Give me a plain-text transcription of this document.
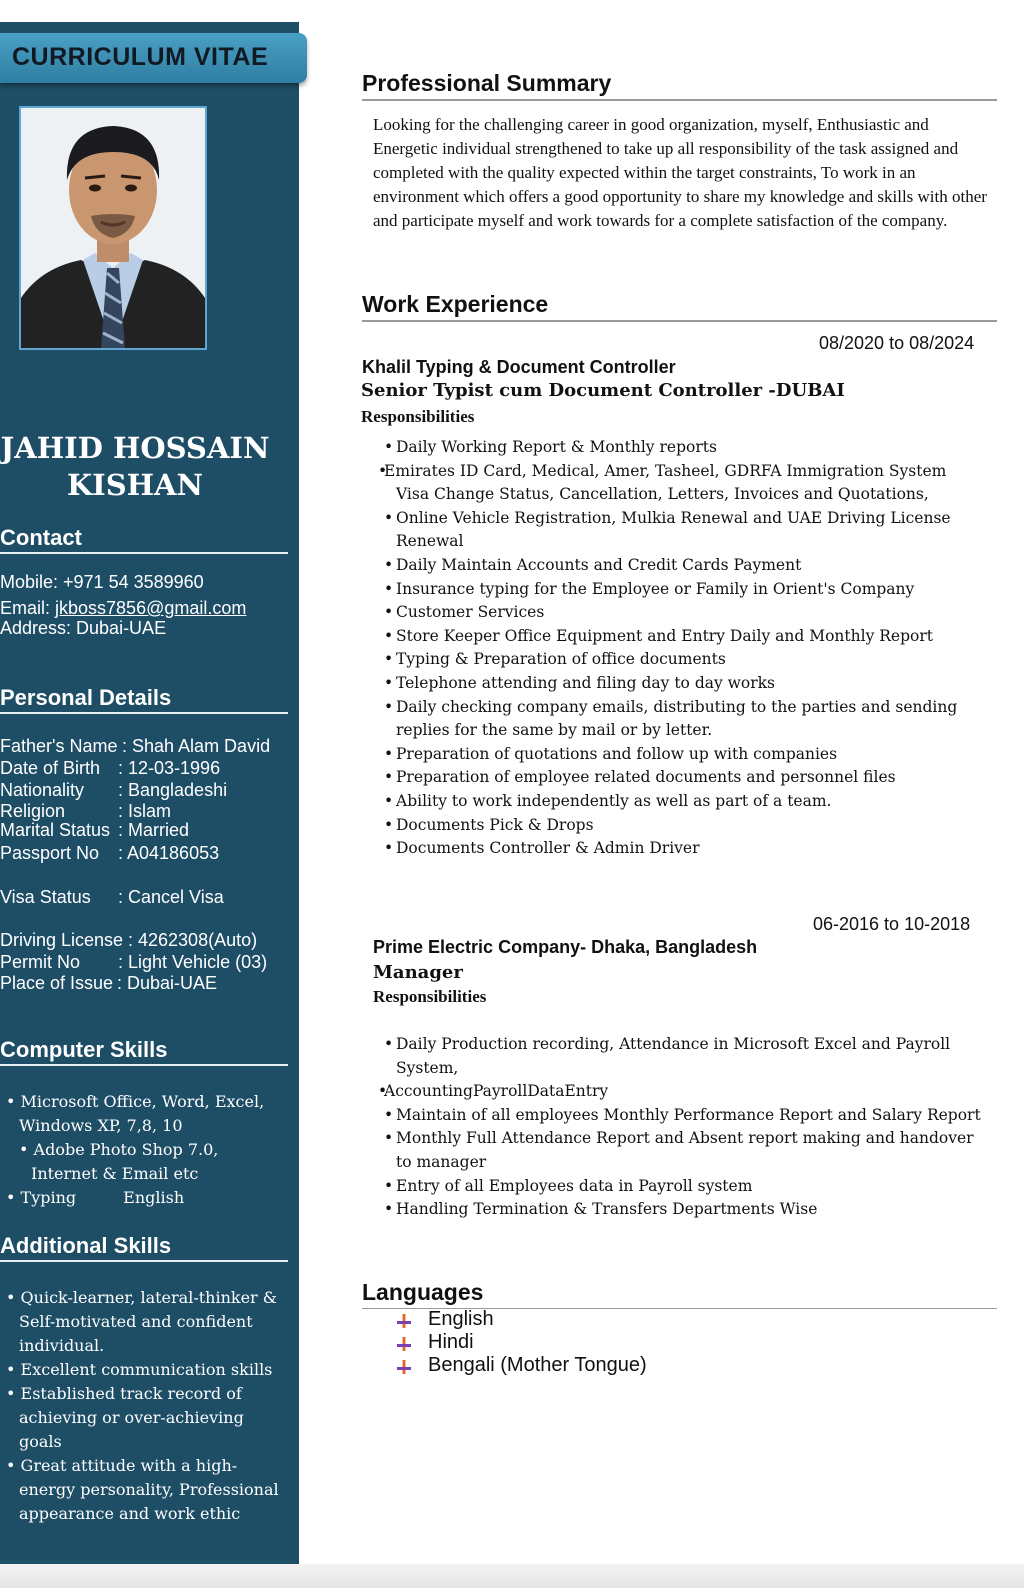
CURRICULUM VITAE
JAHID HOSSAIN
KISHAN
Contact
Mobile: +971 54 3589960
Email: jkboss7856@gmail.com
Address: Dubai-UAE
Personal Details
Father's Name : Shah Alam David
Date of Birth : 12-03-1996
Nationality : Bangladeshi
Religion	: Islam
Marital Status : Married
Passport No : A04186053
Visa Status : Cancel Visa
Driving License : 4262308(Auto)
Permit No : Light Vehicle (03)
Place of Issue : Dubai-UAE
Computer Skills
• Microsoft Office, Word, Excel,
Windows XP, 7,8, 10
• Adobe Photo Shop 7.0,
Internet & Email etc
• Typing	English
Additional Skills
• Quick-learner, lateral-thinker & Self-motivated and confident individual.
• Excellent communication skills
• Established track record of achieving or over-achieving goals
• Great attitude with a high-energy personality, Professional appearance and work ethic
Professional Summary

Looking for the challenging career in good organization, myself, Enthusiastic and Energetic individual strengthened to take up all responsibility of the task assigned and completed with the quality expected within the target constraints, To work in an environment which offers a good opportunity to share my knowledge and skills with other and participate myself and work towards for a complete satisfaction of the company.

Work Experience
08/2020 to 08/2024
Khalil Typing & Document Controller
Senior Typist cum Document Controller -DUBAI
Responsibilities
• Daily Working Report & Monthly reports
• Emirates ID Card, Medical, Amer, Tasheel, GDRFA Immigration System
Visa Change Status, Cancellation, Letters, Invoices and Quotations,
• Online Vehicle Registration, Mulkia Renewal and UAE Driving License Renewal
• Daily Maintain Accounts and Credit Cards Payment
• Insurance typing for the Employee or Family in Orient's Company
• Customer Services
• Store Keeper Office Equipment and Entry Daily and Monthly Report
• Typing & Preparation of office documents
• Telephone attending and filing day to day works
• Daily checking company emails, distributing to the parties and sending replies for the same by mail or by letter.
• Preparation of quotations and follow up with companies
• Preparation of employee related documents and personnel files
• Ability to work independently as well as part of a team.
• Documents Pick & Drops
• Documents Controller & Admin Driver
06-2016 to 10-2018
Prime Electric Company- Dhaka, Bangladesh
Manager
Responsibilities
• Daily Production recording, Attendance in Microsoft Excel and Payroll System,
• AccountingPayrollDataEntry
• Maintain of all employees Monthly Performance Report and Salary Report
• Monthly Full Attendance Report and Absent report making and handover to manager
• Entry of all Employees data in Payroll system
• Handling Termination & Transfers Departments Wise
Languages
English
Hindi
Bengali (Mother Tongue)
